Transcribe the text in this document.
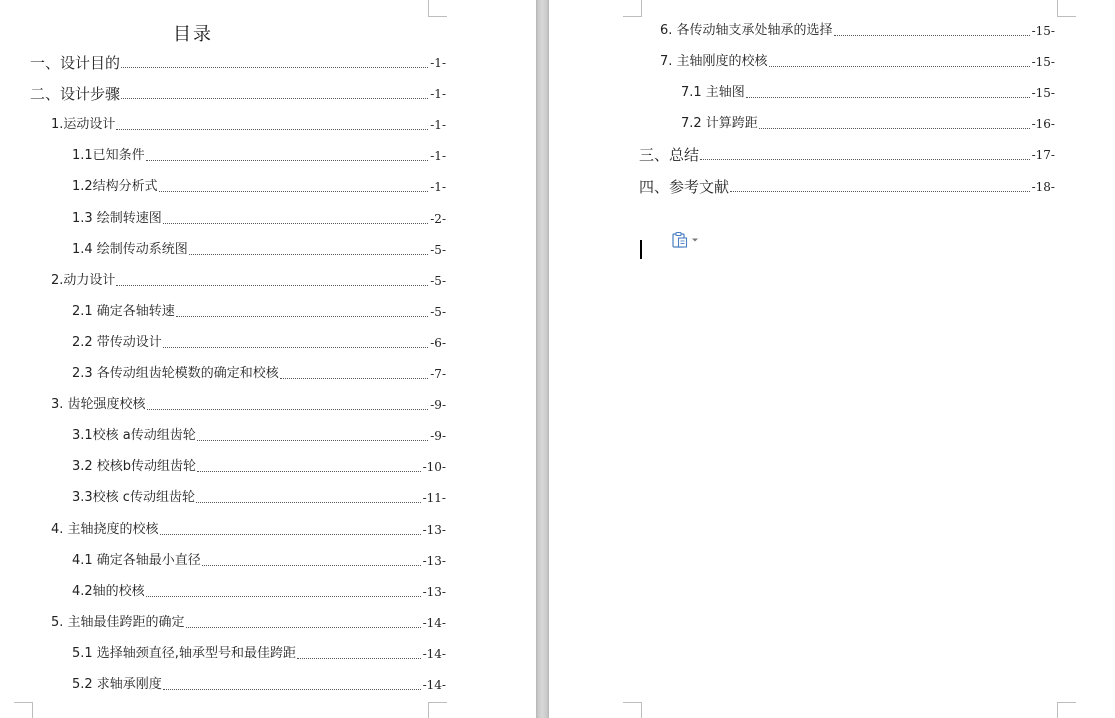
目录
一、设计目的	-1-
二、设计步骤	-1-
1.运动设计	-1-
1.1已知条件	-1-
1.2结构分析式	-1-
1.3 绘制转速图	-2-
1.4 绘制传动系统图	-5-
2.动力设计	-5-
2.1 确定各轴转速	-5-
2.2 带传动设计	-6-
2.3 各传动组齿轮模数的确定和校核	-7-
3. 齿轮强度校核	-9-
3.1校核 a传动组齿轮	-9-
3.2 校核b传动组齿轮	-10-
3.3校核 c传动组齿轮	-11-
4. 主轴挠度的校核	-13-
4.1 确定各轴最小直径	-13-
4.2轴的校核	-13-
5. 主轴最佳跨距的确定	-14-
5.1 选择轴颈直径,轴承型号和最佳跨距	-14-
5.2 求轴承刚度	-14-
6. 各传动轴支承处轴承的选择	-15-
7. 主轴刚度的校核	-15-
7.1 主轴图	-15-
7.2 计算跨距	-16-
三、总结	-17-
四、参考文献	-18-
